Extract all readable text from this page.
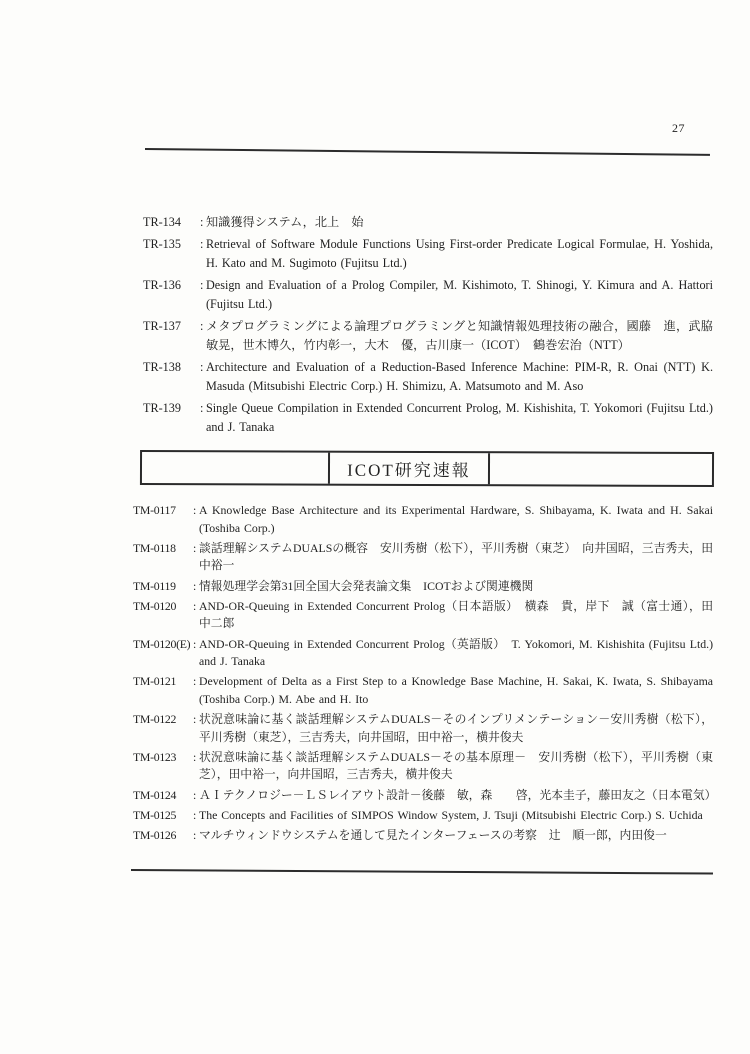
27
TR-134	: 知識獲得システム，北上　始
TR-135	: Retrieval of Software Module Functions Using First-order Predicate Logical Formulae, H. Yoshida, H. Kato and M. Sugimoto (Fujitsu Ltd.)
TR-136	: Design and Evaluation of a Prolog Compiler, M. Kishimoto, T. Shinogi, Y. Kimura and A. Hattori (Fujitsu Ltd.)
TR-137	: メタプログラミングによる論理プログラミングと知識情報処理技術の融合，國藤　進，武脇敏晃，世木博久，竹内彰一，大木　優，古川康一（ICOT）　鶴巻宏治（NTT）
TR-138	: Architecture and Evaluation of a Reduction-Based Inference Machine: PIM-R, R. Onai (NTT) K. Masuda (Mitsubishi Electric Corp.) H. Shimizu, A. Matsumoto and M. Aso
TR-139	: Single Queue Compilation in Extended Concurrent Prolog, M. Kishishita, T. Yokomori (Fujitsu Ltd.) and J. Tanaka
ICOT研究速報
TM-0117	: A Knowledge Base Architecture and its Experimental Hardware, S. Shibayama, K. Iwata and H. Sakai (Toshiba Corp.)
TM-0118	: 談話理解システムDUALSの概容　安川秀樹（松下），平川秀樹（東芝）　向井国昭，三吉秀夫，田中裕一
TM-0119	: 情報処理学会第31回全国大会発表論文集　ICOTおよび関連機関
TM-0120	: AND-OR-Queuing in Extended Concurrent Prolog（日本語版）　横森　貴，岸下　誠（富士通），田中二郎
TM-0120(E) : AND-OR-Queuing in Extended Concurrent Prolog（英語版）　T. Yokomori, M. Kishishita (Fujitsu Ltd.) and J. Tanaka
TM-0121	: Development of Delta as a First Step to a Knowledge Base Machine, H. Sakai, K. Iwata, S. Shibayama (Toshiba Corp.) M. Abe and H. Ito
TM-0122	: 状況意味論に基く談話理解システムDUALS－そのインプリメンテーション－安川秀樹（松下），平川秀樹（東芝），三吉秀夫，向井国昭，田中裕一，横井俊夫
TM-0123	: 状況意味論に基く談話理解システムDUALS－その基本原理－　安川秀樹（松下），平川秀樹（東芝），田中裕一，向井国昭，三吉秀夫，横井俊夫
TM-0124	: ＡＩテクノロジー－ＬＳレイアウト設計－後藤　敏，森　　啓，光本圭子，藤田友之（日本電気）
TM-0125	: The Concepts and Facilities of SIMPOS Window System, J. Tsuji (Mitsubishi Electric Corp.) S. Uchida
TM-0126	: マルチウィンドウシステムを通して見たインターフェースの考察　辻　順一郎，内田俊一
